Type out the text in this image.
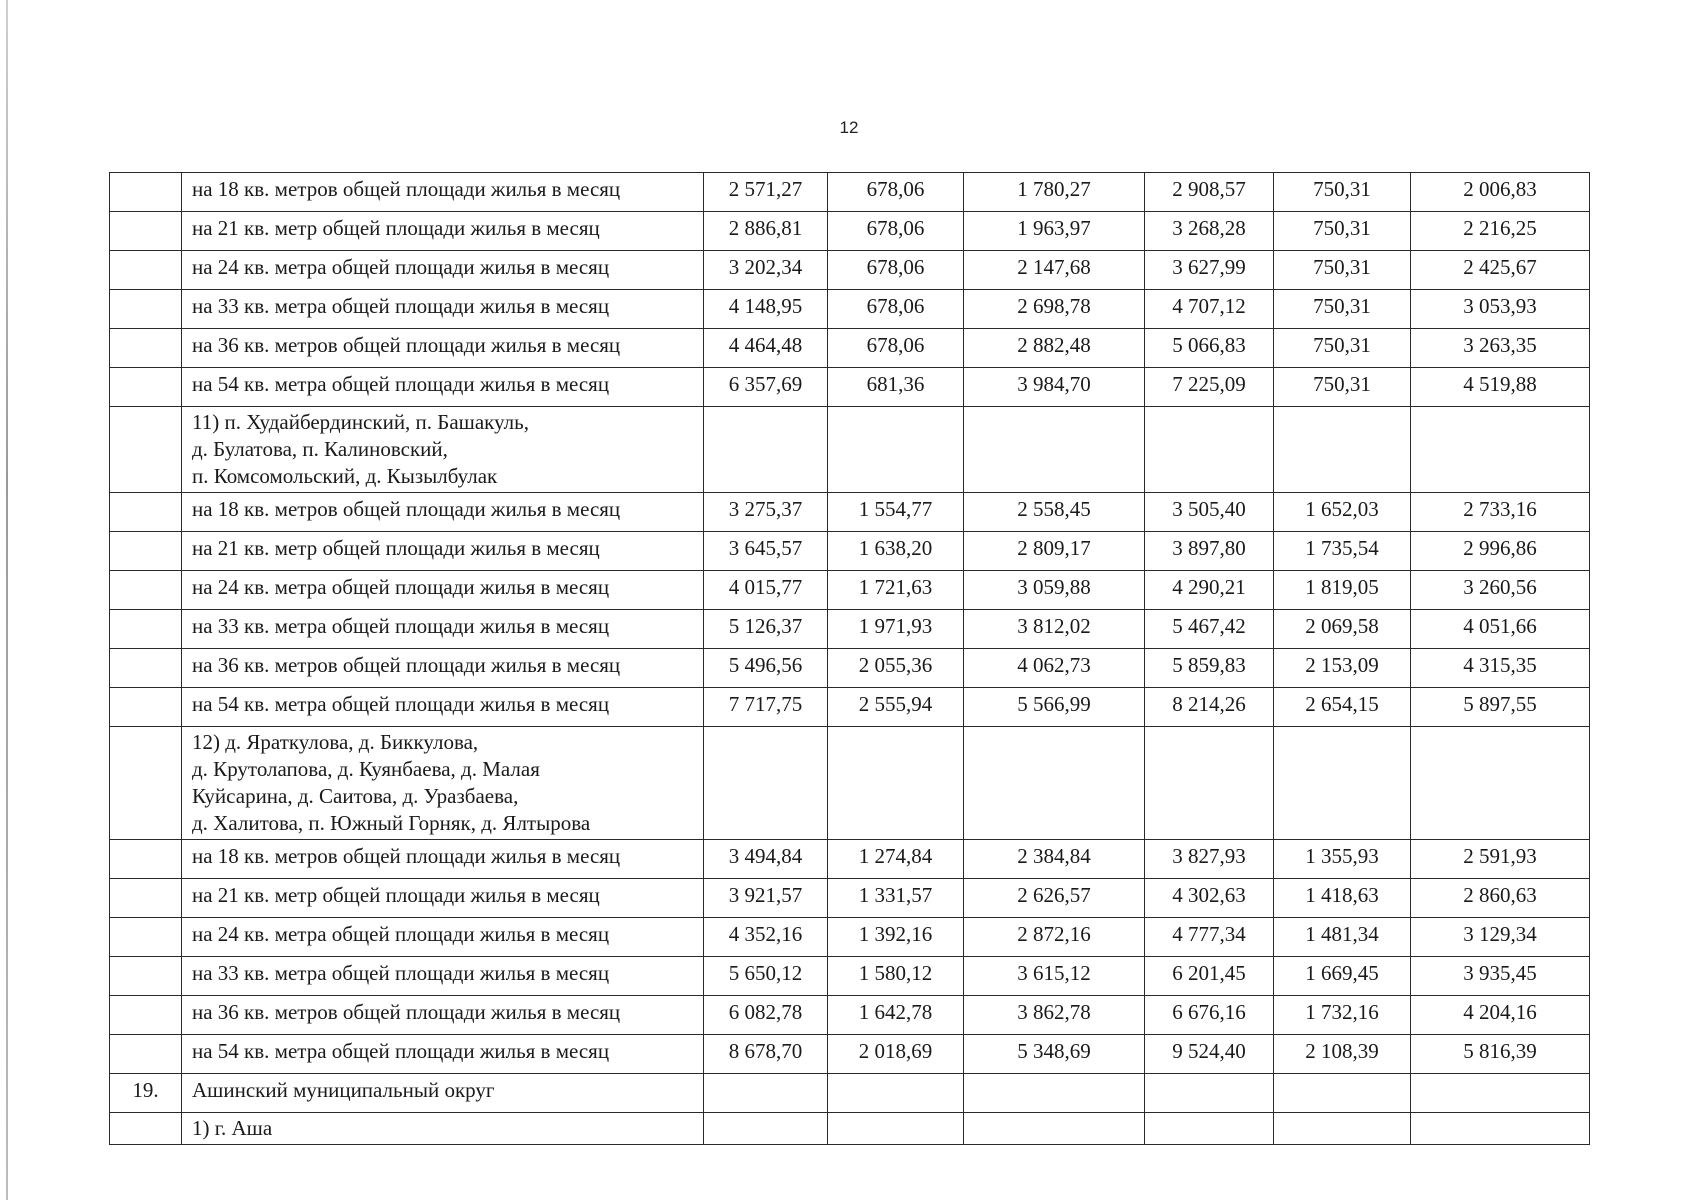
12
	на 18 кв. метров общей площади жилья в месяц	2 571,27	678,06	1 780,27	2 908,57	750,31	2 006,83
	на 21 кв. метр общей площади жилья в месяц	2 886,81	678,06	1 963,97	3 268,28	750,31	2 216,25
	на 24 кв. метра общей площади жилья в месяц	3 202,34	678,06	2 147,68	3 627,99	750,31	2 425,67
	на 33 кв. метра общей площади жилья в месяц	4 148,95	678,06	2 698,78	4 707,12	750,31	3 053,93
	на 36 кв. метров общей площади жилья в месяц	4 464,48	678,06	2 882,48	5 066,83	750,31	3 263,35
	на 54 кв. метра общей площади жилья в месяц	6 357,69	681,36	3 984,70	7 225,09	750,31	4 519,88

	11) п. Худайбердинский, п. Башакуль,
д. Булатова, п. Калиновский,
п. Комсомольский, д. Кызылбулак						

	на 18 кв. метров общей площади жилья в месяц	3 275,37	1 554,77	2 558,45	3 505,40	1 652,03	2 733,16
	на 21 кв. метр общей площади жилья в месяц	3 645,57	1 638,20	2 809,17	3 897,80	1 735,54	2 996,86
	на 24 кв. метра общей площади жилья в месяц	4 015,77	1 721,63	3 059,88	4 290,21	1 819,05	3 260,56
	на 33 кв. метра общей площади жилья в месяц	5 126,37	1 971,93	3 812,02	5 467,42	2 069,58	4 051,66
	на 36 кв. метров общей площади жилья в месяц	5 496,56	2 055,36	4 062,73	5 859,83	2 153,09	4 315,35
	на 54 кв. метра общей площади жилья в месяц	7 717,75	2 555,94	5 566,99	8 214,26	2 654,15	5 897,55

	12) д. Яраткулова, д. Биккулова,
д. Крутолапова, д. Куянбаева, д. Малая
Куйсарина, д. Саитова, д. Уразбаева,
д. Халитова, п. Южный Горняк, д. Ялтырова						

	на 18 кв. метров общей площади жилья в месяц	3 494,84	1 274,84	2 384,84	3 827,93	1 355,93	2 591,93
	на 21 кв. метр общей площади жилья в месяц	3 921,57	1 331,57	2 626,57	4 302,63	1 418,63	2 860,63
	на 24 кв. метра общей площади жилья в месяц	4 352,16	1 392,16	2 872,16	4 777,34	1 481,34	3 129,34
	на 33 кв. метра общей площади жилья в месяц	5 650,12	1 580,12	3 615,12	6 201,45	1 669,45	3 935,45
	на 36 кв. метров общей площади жилья в месяц	6 082,78	1 642,78	3 862,78	6 676,16	1 732,16	4 204,16
	на 54 кв. метра общей площади жилья в месяц	8 678,70	2 018,69	5 348,69	9 524,40	2 108,39	5 816,39
19.	Ашинский муниципальный округ						

	1) г. Аша						
